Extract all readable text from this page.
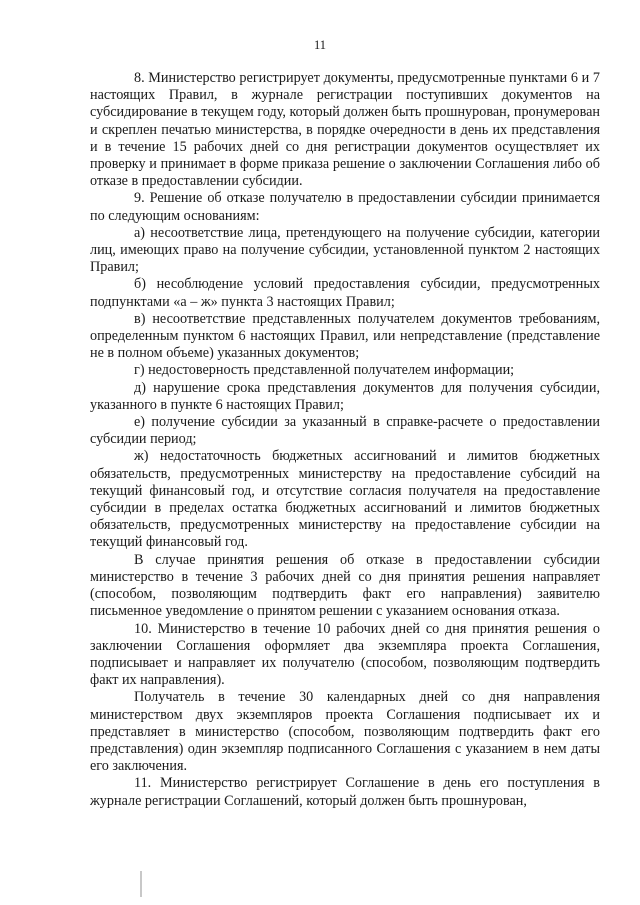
11

8. Министерство регистрирует документы, предусмотренные пунктами 6 и 7 настоящих Правил, в журнале регистрации поступивших документов на субсидирование в текущем году, который должен быть прошнурован, пронумерован и скреплен печатью министерства, в порядке очередности в день их представления и в течение 15 рабочих дней со дня регистрации документов осуществляет их проверку и принимает в форме приказа решение о заключении Соглашения либо об отказе в предоставлении субсидии.

9. Решение об отказе получателю в предоставлении субсидии принимается по следующим основаниям:

а) несоответствие лица, претендующего на получение субсидии, категории лиц, имеющих право на получение субсидии, установленной пунктом 2 настоящих Правил;

б) несоблюдение условий предоставления субсидии, предусмотренных подпунктами «а – ж» пункта 3 настоящих Правил;

в) несоответствие представленных получателем документов требованиям, определенным пунктом 6 настоящих Правил, или непредставление (представление не в полном объеме) указанных документов;

г) недостоверность представленной получателем информации;

д) нарушение срока представления документов для получения субсидии, указанного в пункте 6 настоящих Правил;

е) получение субсидии за указанный в справке-расчете о предоставлении субсидии период;

ж) недостаточность бюджетных ассигнований и лимитов бюджетных обязательств, предусмотренных министерству на предоставление субсидий на текущий финансовый год, и отсутствие согласия получателя на предоставление субсидии в пределах остатка бюджетных ассигнований и лимитов бюджетных обязательств, предусмотренных министерству на предоставление субсидии на текущий финансовый год.

В случае принятия решения об отказе в предоставлении субсидии министерство в течение 3 рабочих дней со дня принятия решения направляет (способом, позволяющим подтвердить факт его направления) заявителю письменное уведомление о принятом решении с указанием основания отказа.

10. Министерство в течение 10 рабочих дней со дня принятия решения о заключении Соглашения оформляет два экземпляра проекта Соглашения, подписывает и направляет их получателю (способом, позволяющим подтвердить факт их направления).

Получатель в течение 30 календарных дней со дня направления министерством двух экземпляров проекта Соглашения подписывает их и представляет в министерство (способом, позволяющим подтвердить факт его представления) один экземпляр подписанного Соглашения с указанием в нем даты его заключения.

11. Министерство регистрирует Соглашение в день его поступления в журнале регистрации Соглашений, который должен быть прошнурован,
